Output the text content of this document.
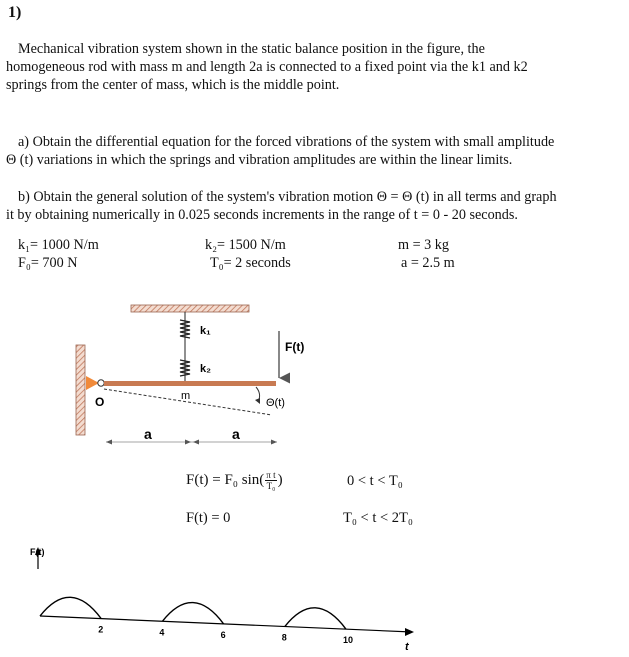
1)
Mechanical vibration system shown in the static balance position in the figure, the
homogeneous rod with mass m and length 2a is connected to a fixed point via the k1 and k2
springs from the center of mass, which is the middle point.
a) Obtain the differential equation for the forced vibrations of the system with small amplitude
Θ (t) variations in which the springs and vibration amplitudes are within the linear limits.
b) Obtain the general solution of the system's vibration motion Θ = Θ (t) in all terms and graph
it by obtaining numerically in 0.025 seconds increments in the range of t = 0 - 20 seconds.
k₁= 1000 N/m	k₂= 1500 N/m	m = 3 kg
F₀= 700 N	T₀= 2 seconds	a = 2.5 m
k₁
k₂
F(t)
m
O	Θ(t)
a	a
F(t) = F₀ $\sin( \frac{\text{π t}}{\text{T₀}}$ )	0 < t < T₀
F(t) = 0	T₀ < t < 2T₀
F(t)
t
2	4	6	8	10
